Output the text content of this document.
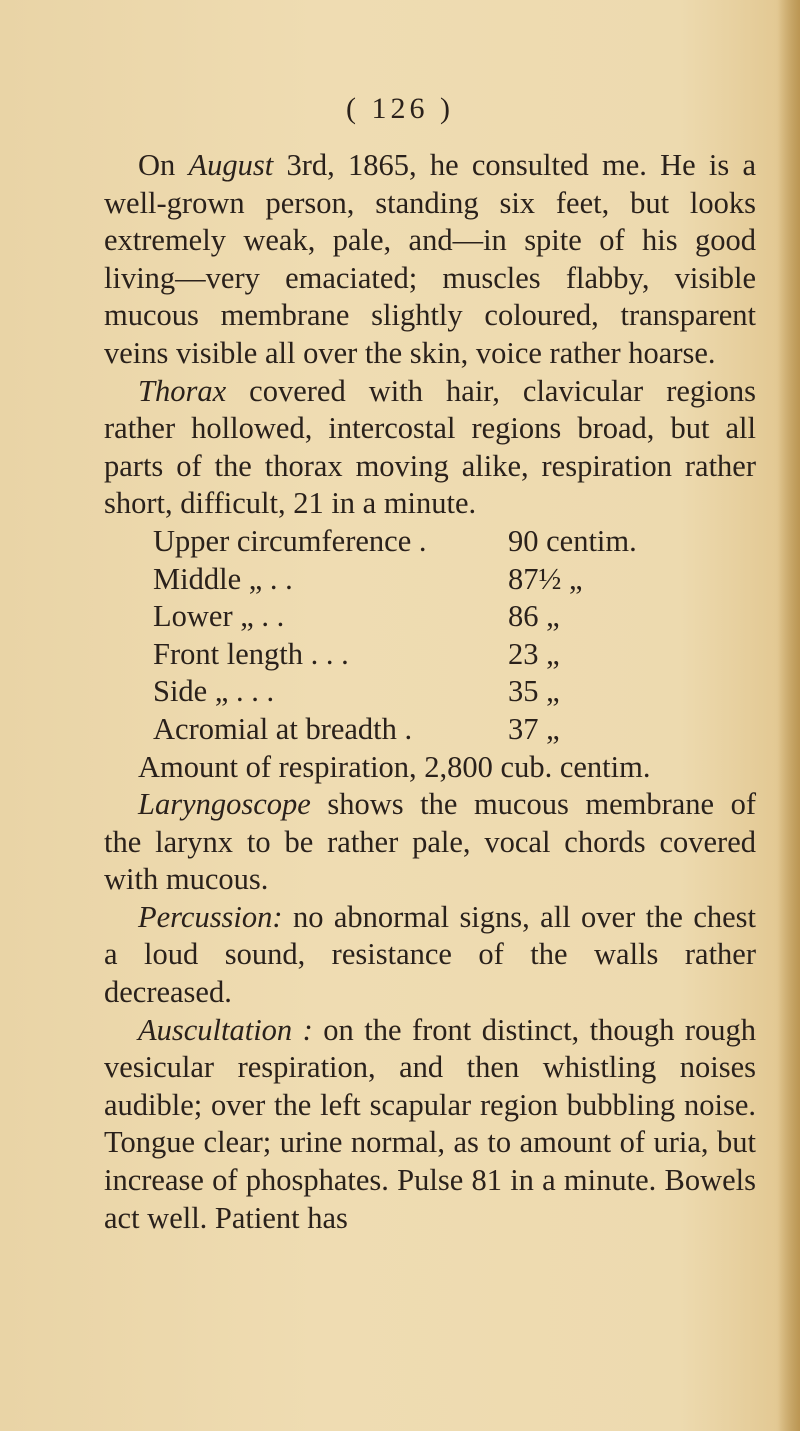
( 126 )

On August 3rd, 1865, he consulted me. He is a well-grown person, standing six feet, but looks extremely weak, pale, and—in spite of his good living—very emaciated; muscles flabby, visible mucous membrane slightly coloured, transparent veins visible all over the skin, voice rather hoarse.

Thorax covered with hair, clavicular regions rather hollowed, intercostal regions broad, but all parts of the thorax moving alike, respiration rather short, difficult, 21 in a minute.

Upper circumference .	90 centim.
Middle „ . .	87½ „
Lower „ . .	86 „
Front length . . .	23 „
Side „ . . .	35 „
Acromial at breadth .	37 „
Amount of respiration, 2,800 cub. centim.

Laryngoscope shows the mucous membrane of the larynx to be rather pale, vocal chords covered with mucous.

Percussion: no abnormal signs, all over the chest a loud sound, resistance of the walls rather decreased.

Auscultation : on the front distinct, though rough vesicular respiration, and then whistling noises audible; over the left scapular region bubbling noise. Tongue clear; urine normal, as to amount of uria, but increase of phosphates. Pulse 81 in a minute. Bowels act well. Patient has
